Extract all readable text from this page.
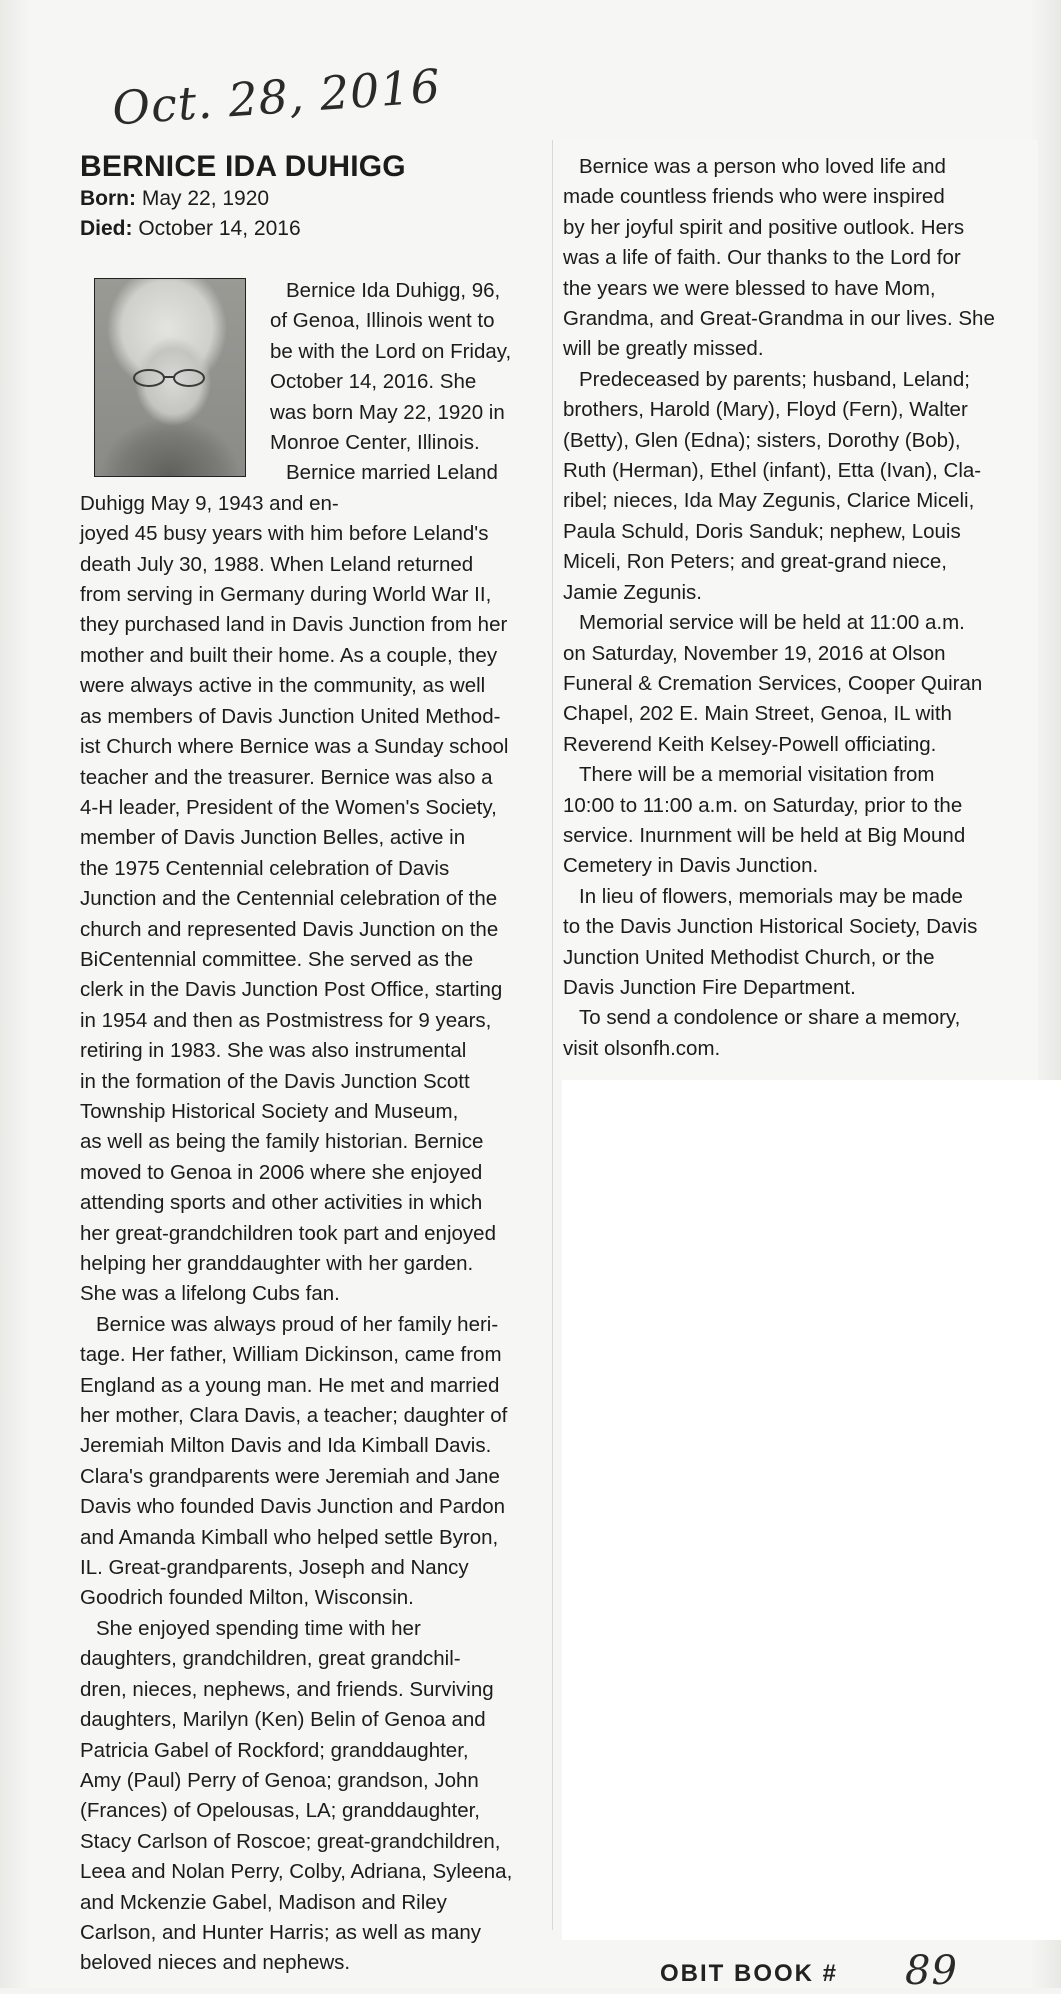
Oct. 28, 2016
BERNICE IDA DUHIGG

Born: May 22, 1920

Died: October 14, 2016

Bernice Ida Duhigg, 96,
of Genoa, Illinois went to
be with the Lord on Friday,
October 14, 2016. She
was born May 22, 1920 in
Monroe Center, Illinois.
Bernice married Leland
Duhigg May 9, 1943 and en-
joyed 45 busy years with him before Leland's
death July 30, 1988. When Leland returned
from serving in Germany during World War II,
they purchased land in Davis Junction from her
mother and built their home. As a couple, they
were always active in the community, as well
as members of Davis Junction United Method-
ist Church where Bernice was a Sunday school
teacher and the treasurer. Bernice was also a
4-H leader, President of the Women's Society,
member of Davis Junction Belles, active in
the 1975 Centennial celebration of Davis
Junction and the Centennial celebration of the
church and represented Davis Junction on the
BiCentennial committee. She served as the
clerk in the Davis Junction Post Office, starting
in 1954 and then as Postmistress for 9 years,
retiring in 1983. She was also instrumental
in the formation of the Davis Junction Scott
Township Historical Society and Museum,
as well as being the family historian. Bernice
moved to Genoa in 2006 where she enjoyed
attending sports and other activities in which
her great-grandchildren took part and enjoyed
helping her granddaughter with her garden.
She was a lifelong Cubs fan.
Bernice was always proud of her family heri-
tage. Her father, William Dickinson, came from
England as a young man. He met and married
her mother, Clara Davis, a teacher; daughter of
Jeremiah Milton Davis and Ida Kimball Davis.
Clara's grandparents were Jeremiah and Jane
Davis who founded Davis Junction and Pardon
and Amanda Kimball who helped settle Byron,
IL. Great-grandparents, Joseph and Nancy
Goodrich founded Milton, Wisconsin.
She enjoyed spending time with her
daughters, grandchildren, great grandchil-
dren, nieces, nephews, and friends. Surviving
daughters, Marilyn (Ken) Belin of Genoa and
Patricia Gabel of Rockford; granddaughter,
Amy (Paul) Perry of Genoa; grandson, John
(Frances) of Opelousas, LA; granddaughter,
Stacy Carlson of Roscoe; great-grandchildren,
Leea and Nolan Perry, Colby, Adriana, Syleena,
and Mckenzie Gabel, Madison and Riley
Carlson, and Hunter Harris; as well as many
beloved nieces and nephews.
Bernice was a person who loved life and
made countless friends who were inspired
by her joyful spirit and positive outlook. Hers
was a life of faith. Our thanks to the Lord for
the years we were blessed to have Mom,
Grandma, and Great-Grandma in our lives. She
will be greatly missed.
Predeceased by parents; husband, Leland;
brothers, Harold (Mary), Floyd (Fern), Walter
(Betty), Glen (Edna); sisters, Dorothy (Bob),
Ruth (Herman), Ethel (infant), Etta (Ivan), Cla-
ribel; nieces, Ida May Zegunis, Clarice Miceli,
Paula Schuld, Doris Sanduk; nephew, Louis
Miceli, Ron Peters; and great-grand niece,
Jamie Zegunis.
Memorial service will be held at 11:00 a.m.
on Saturday, November 19, 2016 at Olson
Funeral & Cremation Services, Cooper Quiran
Chapel, 202 E. Main Street, Genoa, IL with
Reverend Keith Kelsey-Powell officiating.
There will be a memorial visitation from
10:00 to 11:00 a.m. on Saturday, prior to the
service. Inurnment will be held at Big Mound
Cemetery in Davis Junction.
In lieu of flowers, memorials may be made
to the Davis Junction Historical Society, Davis
Junction United Methodist Church, or the
Davis Junction Fire Department.
To send a condolence or share a memory,
visit olsonfh.com.
OBIT BOOK # 89
